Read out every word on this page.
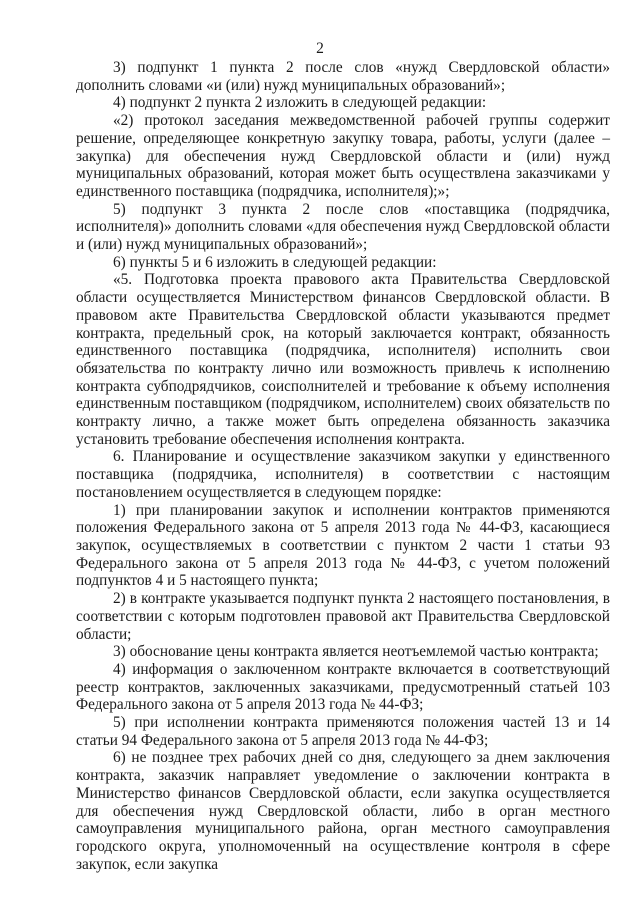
2

3) подпункт 1 пункта 2 после слов «нужд Свердловской области» дополнить словами «и (или) нужд муниципальных образований»;

4) подпункт 2 пункта 2 изложить в следующей редакции:

«2) протокол заседания межведомственной рабочей группы содержит решение, определяющее конкретную закупку товара, работы, услуги (далее – закупка) для обеспечения нужд Свердловской области и (или) нужд муниципальных образований, которая может быть осуществлена заказчиками у единственного поставщика (подрядчика, исполнителя);»;

5) подпункт 3 пункта 2 после слов «поставщика (подрядчика, исполнителя)» дополнить словами «для обеспечения нужд Свердловской области и (или) нужд муниципальных образований»;

6) пункты 5 и 6 изложить в следующей редакции:

«5. Подготовка проекта правового акта Правительства Свердловской области осуществляется Министерством финансов Свердловской области. В правовом акте Правительства Свердловской области указываются предмет контракта, предельный срок, на который заключается контракт, обязанность единственного поставщика (подрядчика, исполнителя) исполнить свои обязательства по контракту лично или возможность привлечь к исполнению контракта субподрядчиков, соисполнителей и требование к объему исполнения единственным поставщиком (подрядчиком, исполнителем) своих обязательств по контракту лично, а также может быть определена обязанность заказчика установить требование обеспечения исполнения контракта.

6. Планирование и осуществление заказчиком закупки у единственного поставщика (подрядчика, исполнителя) в соответствии с настоящим постановлением осуществляется в следующем порядке:

1) при планировании закупок и исполнении контрактов применяются положения Федерального закона от 5 апреля 2013 года № 44-ФЗ, касающиеся закупок, осуществляемых в соответствии с пунктом 2 части 1 статьи 93 Федерального закона от 5 апреля 2013 года № 44-ФЗ, с учетом положений подпунктов 4 и 5 настоящего пункта;

2) в контракте указывается подпункт пункта 2 настоящего постановления, в соответствии с которым подготовлен правовой акт Правительства Свердловской области;

3) обоснование цены контракта является неотъемлемой частью контракта;

4) информация о заключенном контракте включается в соответствующий реестр контрактов, заключенных заказчиками, предусмотренный статьей 103 Федерального закона от 5 апреля 2013 года № 44-ФЗ;

5) при исполнении контракта применяются положения частей 13 и 14 статьи 94 Федерального закона от 5 апреля 2013 года № 44-ФЗ;

6) не позднее трех рабочих дней со дня, следующего за днем заключения контракта, заказчик направляет уведомление о заключении контракта в Министерство финансов Свердловской области, если закупка осуществляется для обеспечения нужд Свердловской области, либо в орган местного самоуправления муниципального района, орган местного самоуправления городского округа, уполномоченный на осуществление контроля в сфере закупок, если закупка
